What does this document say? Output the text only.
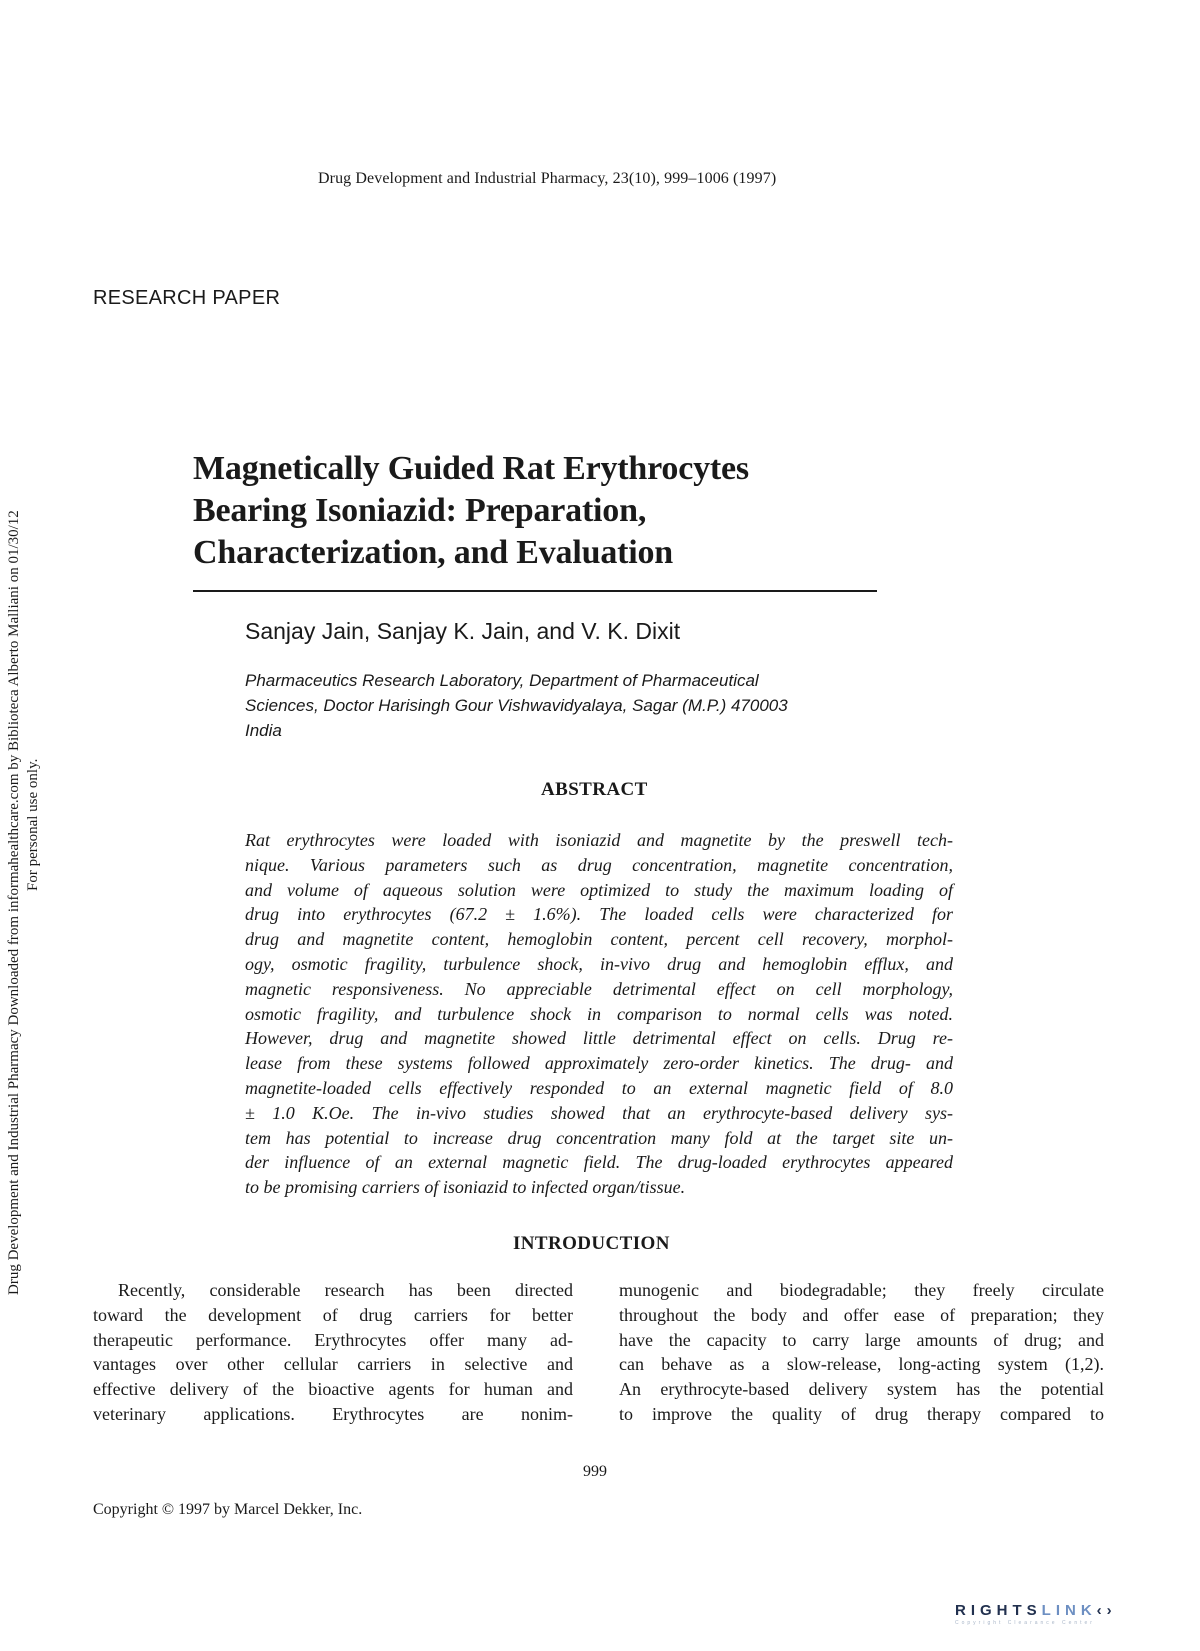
Drug Development and Industrial Pharmacy, 23(10), 999–1006 (1997)
RESEARCH PAPER
Drug Development and Industrial Pharmacy Downloaded from informahealthcare.com by Biblioteca Alberto Malliani on 01/30/12 For personal use only.
Magnetically Guided Rat Erythrocytes
Bearing Isoniazid: Preparation,
Characterization, and Evaluation
Sanjay Jain, Sanjay K. Jain, and V. K. Dixit
Pharmaceutics Research Laboratory, Department of Pharmaceutical
Sciences, Doctor Harisingh Gour Vishwavidyalaya, Sagar (M.P.) 470003
India
ABSTRACT
Rat erythrocytes were loaded with isoniazid and magnetite by the preswell tech-
nique. Various parameters such as drug concentration, magnetite concentration,
and volume of aqueous solution were optimized to study the maximum loading of
drug into erythrocytes (67.2 ± 1.6%). The loaded cells were characterized for
drug and magnetite content, hemoglobin content, percent cell recovery, morphol-
ogy, osmotic fragility, turbulence shock, in-vivo drug and hemoglobin efflux, and
magnetic responsiveness. No appreciable detrimental effect on cell morphology,
osmotic fragility, and turbulence shock in comparison to normal cells was noted.
However, drug and magnetite showed little detrimental effect on cells. Drug re-
lease from these systems followed approximately zero-order kinetics. The drug- and
magnetite-loaded cells effectively responded to an external magnetic field of 8.0
± 1.0 K.Oe. The in-vivo studies showed that an erythrocyte-based delivery sys-
tem has potential to increase drug concentration many fold at the target site un-
der influence of an external magnetic field. The drug-loaded erythrocytes appeared
to be promising carriers of isoniazid to infected organ/tissue.
INTRODUCTION
Recently, considerable research has been directed
toward the development of drug carriers for better
therapeutic performance. Erythrocytes offer many ad-
vantages over other cellular carriers in selective and
effective delivery of the bioactive agents for human and
veterinary applications. Erythrocytes are nonim-
munogenic and biodegradable; they freely circulate
throughout the body and offer ease of preparation; they
have the capacity to carry large amounts of drug; and
can behave as a slow-release, long-acting system (1,2).
An erythrocyte-based delivery system has the potential
to improve the quality of drug therapy compared to
999
Copyright © 1997 by Marcel Dekker, Inc.
RIGHTSLINK‹›
Copyright Clearance Center
